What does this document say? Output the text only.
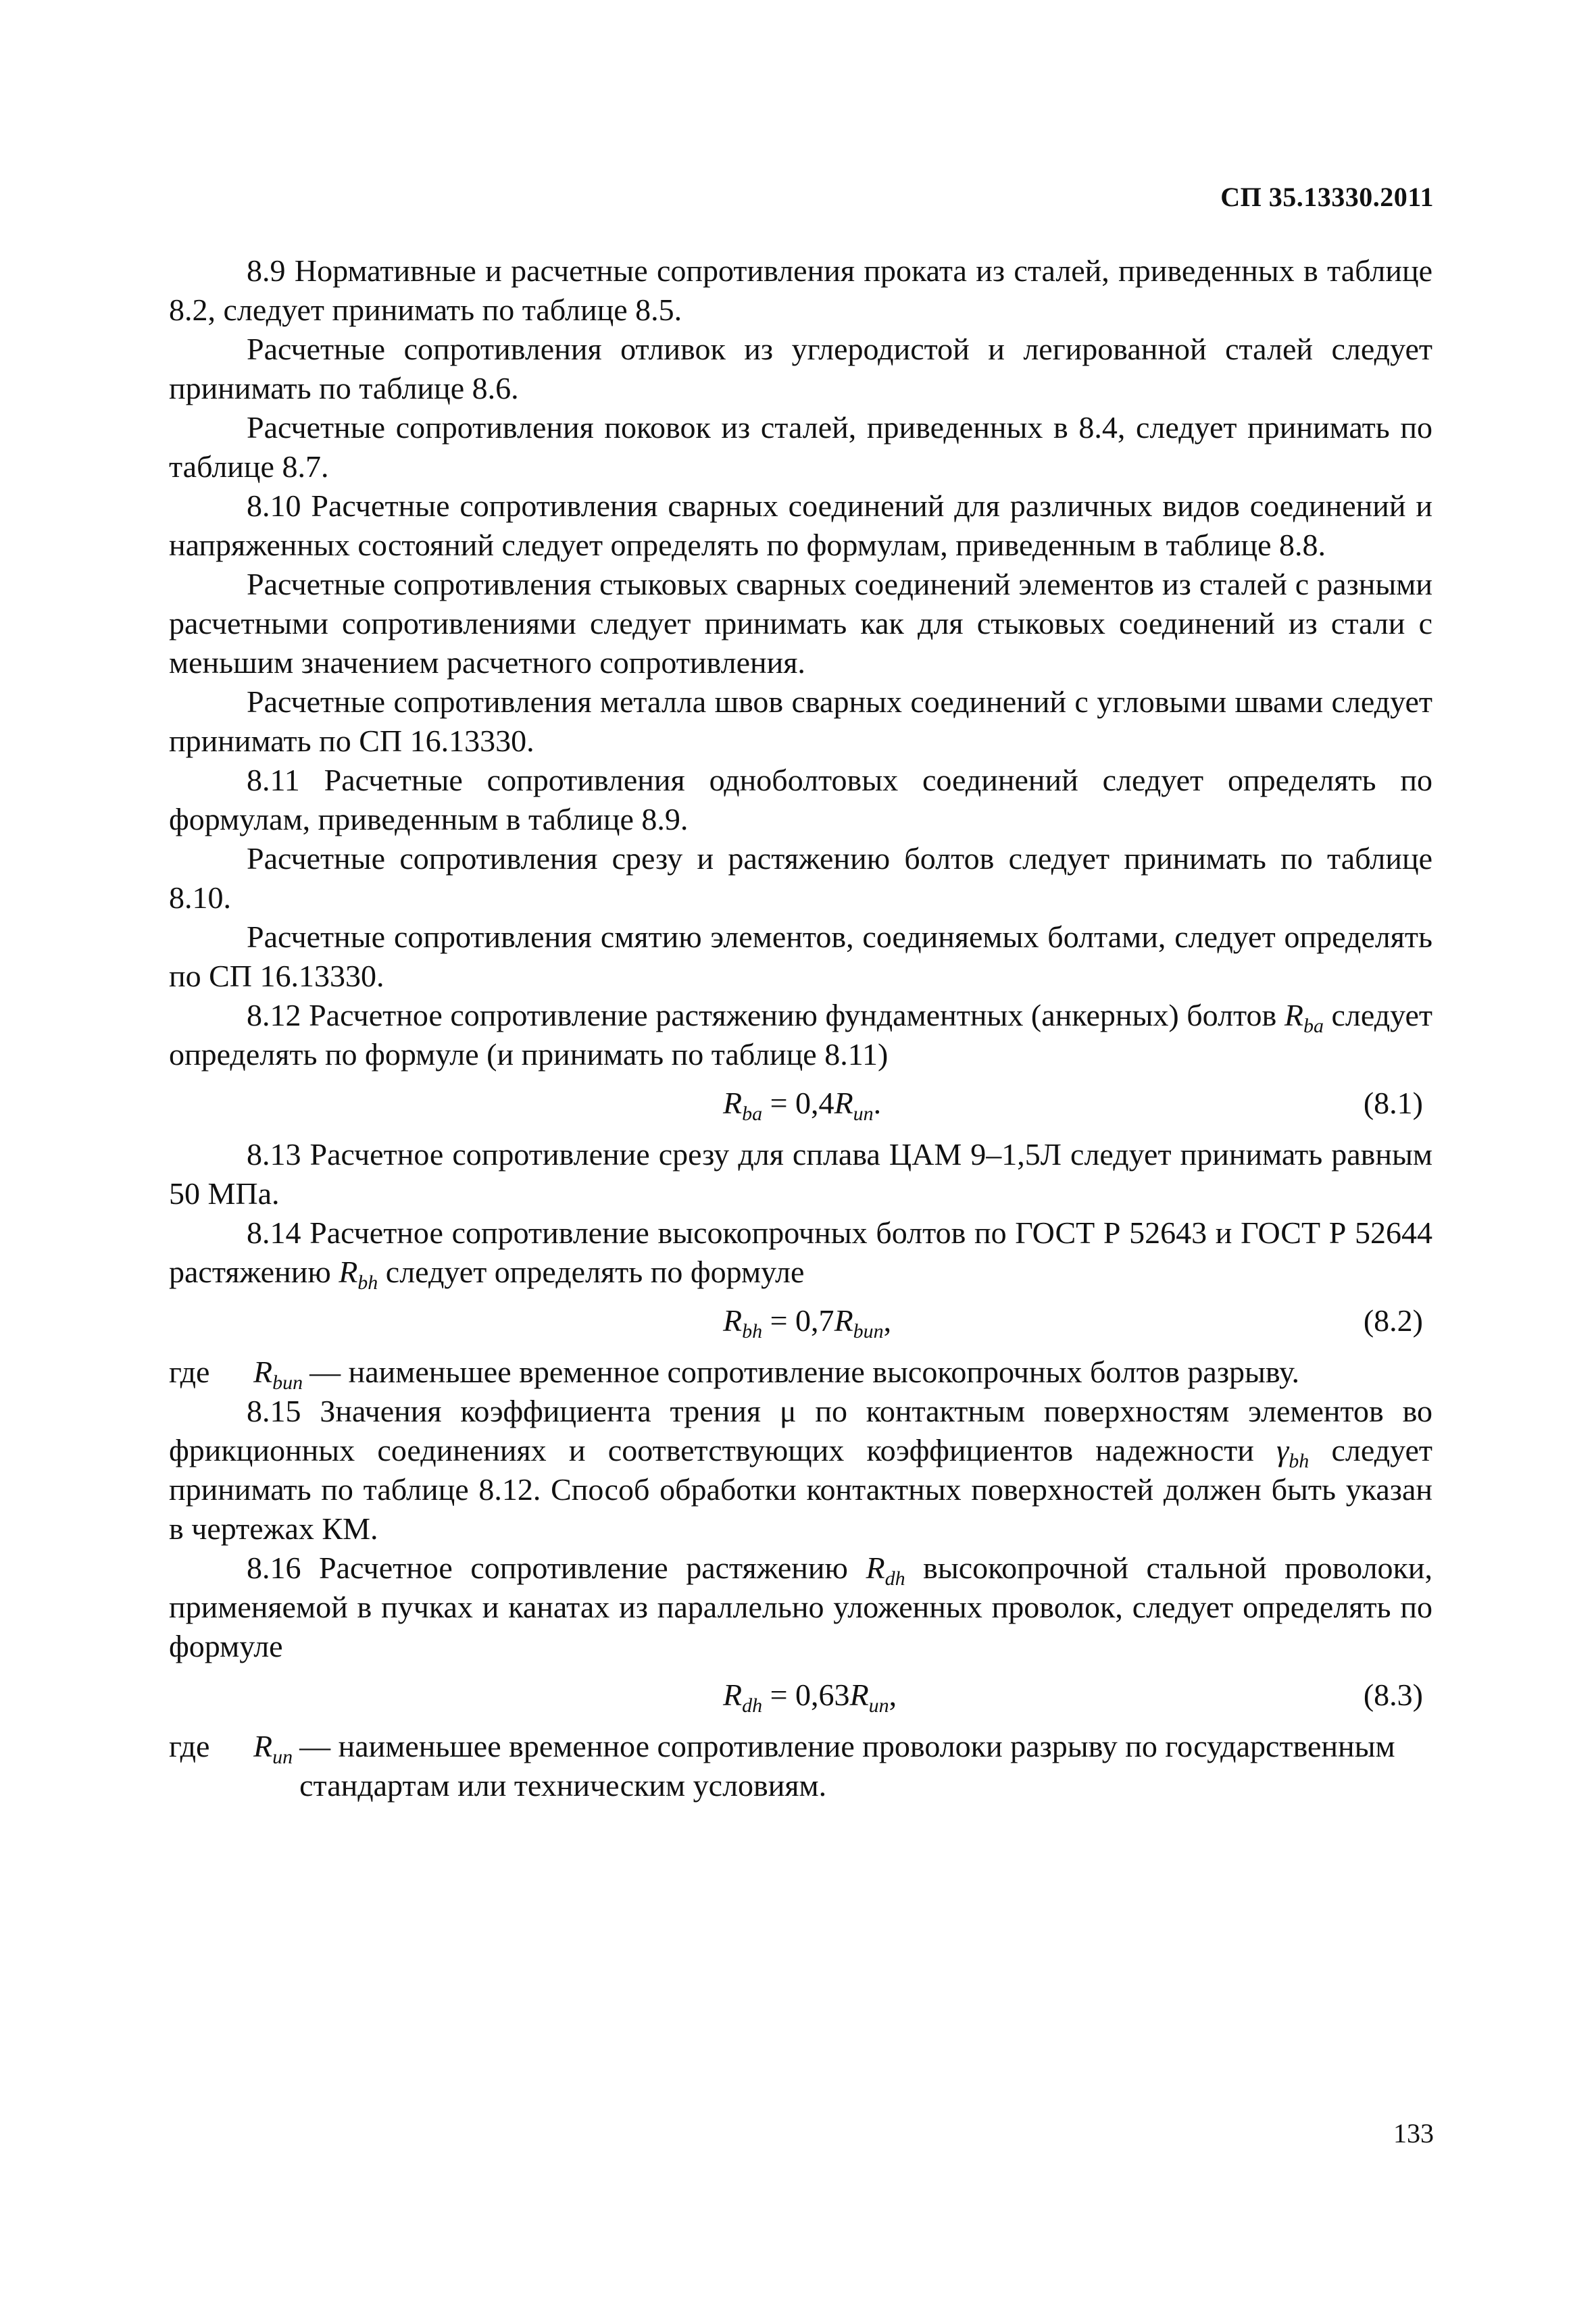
СП 35.13330.2011

8.9 Нормативные и расчетные сопротивления проката из сталей, приведенных в таблице 8.2, следует принимать по таблице 8.5.

Расчетные сопротивления отливок из углеродистой и легированной сталей следует принимать по таблице 8.6.

Расчетные сопротивления поковок из сталей, приведенных в 8.4, следует принимать по таблице 8.7.

8.10 Расчетные сопротивления сварных соединений для различных видов соединений и напряженных состояний следует определять по формулам, приведенным в таблице 8.8.

Расчетные сопротивления стыковых сварных соединений элементов из сталей с разными расчетными сопротивлениями следует принимать как для стыковых соединений из стали с меньшим значением расчетного сопротивления.

Расчетные сопротивления металла швов сварных соединений с угловыми швами следует принимать по СП 16.13330.

8.11 Расчетные сопротивления одноболтовых соединений следует определять по формулам, приведенным в таблице 8.9.

Расчетные сопротивления срезу и растяжению болтов следует принимать по таблице 8.10.

Расчетные сопротивления смятию элементов, соединяемых болтами, следует определять по СП 16.13330.

8.12 Расчетное сопротивление растяжению фундаментных (анкерных) болтов $R_{ba}$ следует определять по формуле (и принимать по таблице 8.11)

$R_{ba} = 0,4R_{un}$.	(8.1)

8.13 Расчетное сопротивление срезу для сплава ЦАМ 9–1,5Л следует принимать равным 50 МПа.

8.14 Расчетное сопротивление высокопрочных болтов по ГОСТ Р 52643 и ГОСТ Р 52644 растяжению $R_{bh}$ следует определять по формуле

$R_{bh} = 0,7R_{bun}$,	(8.2)
где	$R_{bun}$ — наименьшее временное сопротивление высокопрочных болтов разрыву.

8.15 Значения коэффициента трения μ по контактным поверхностям элементов во фрикционных соединениях и соответствующих коэффициентов надежности $\gamma_{bh}$ следует принимать по таблице 8.12. Способ обработки контактных поверхностей должен быть указан в чертежах КМ.

8.16 Расчетное сопротивление растяжению $R_{dh}$ высокопрочной стальной проволоки, применяемой в пучках и канатах из параллельно уложенных проволок, следует определять по формуле

$R_{dh} = 0,63R_{un}$,	(8.3)
где	$R_{un}$ — наименьшее временное сопротивление проволоки разрыву по государственным стандартам или техническим условиям.
133
